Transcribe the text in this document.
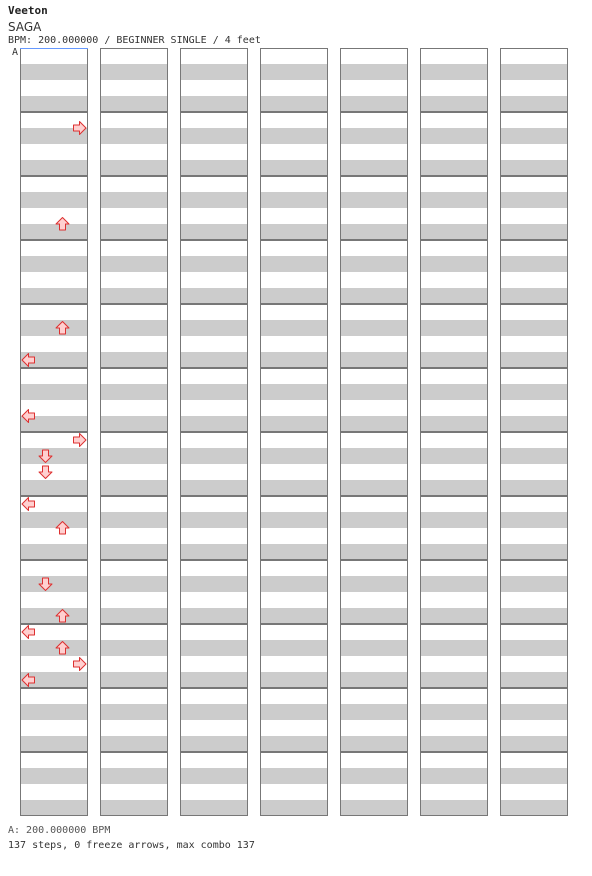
Veeton
SAGA
BPM: 200.000000 / BEGINNER SINGLE / 4 feet
A
A: 200.000000 BPM
137 steps, 0 freeze arrows, max combo 137
